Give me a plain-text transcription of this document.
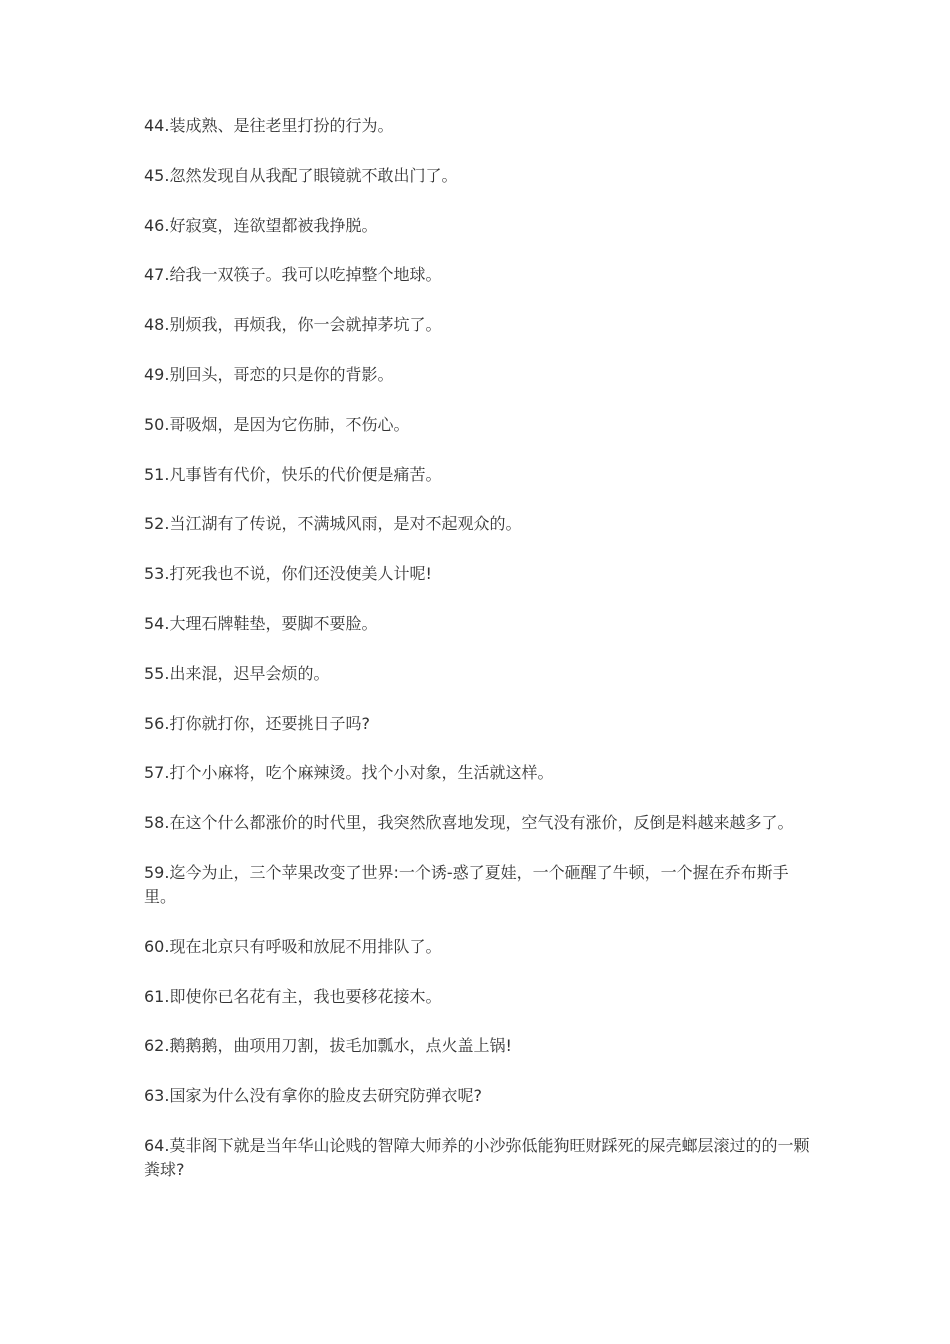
44.装成熟、是往老里打扮的行为。

45.忽然发现自从我配了眼镜就不敢出门了。

46.好寂寞，连欲望都被我挣脱。

47.给我一双筷子。我可以吃掉整个地球。

48.别烦我，再烦我，你一会就掉茅坑了。

49.别回头，哥恋的只是你的背影。

50.哥吸烟，是因为它伤肺，不伤心。

51.凡事皆有代价，快乐的代价便是痛苦。

52.当江湖有了传说，不满城风雨，是对不起观众的。

53.打死我也不说，你们还没使美人计呢!

54.大理石牌鞋垫，要脚不要脸。

55.出来混，迟早会烦的。

56.打你就打你，还要挑日子吗?

57.打个小麻将，吃个麻辣烫。找个小对象，生活就这样。

58.在这个什么都涨价的时代里，我突然欣喜地发现，空气没有涨价，反倒是料越来越多了。

59.迄今为止，三个苹果改变了世界:一个诱-惑了夏娃，一个砸醒了牛顿，一个握在乔布斯手里。

60.现在北京只有呼吸和放屁不用排队了。

61.即使你已名花有主，我也要移花接木。

62.鹅鹅鹅，曲项用刀割，拔毛加瓢水，点火盖上锅!

63.国家为什么没有拿你的脸皮去研究防弹衣呢?

64.莫非阁下就是当年华山论贱的智障大师养的小沙弥低能狗旺财踩死的屎壳螂层滚过的的一颗粪球?
